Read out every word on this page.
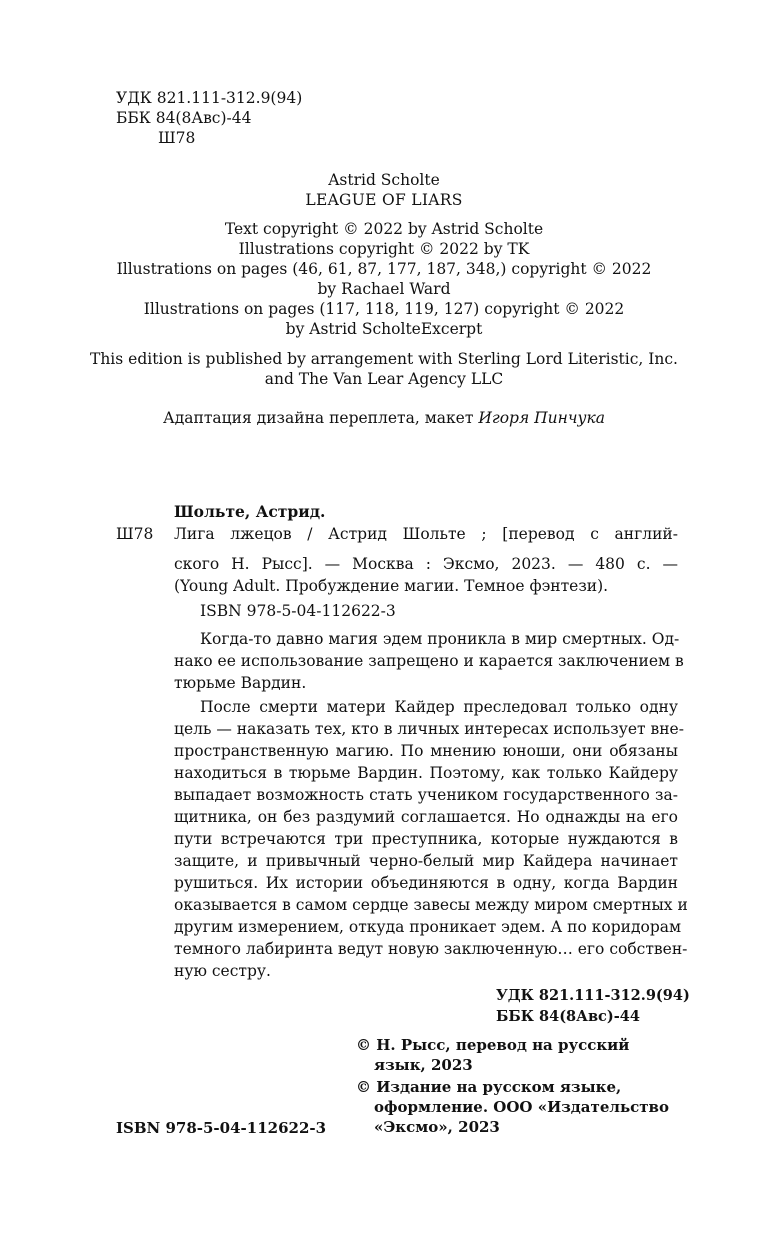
УДК 821.111-312.9(94)
ББК 84(8Авс)-44
Ш78
Astrid Scholte
LEAGUE OF LIARS
Text copyright © 2022 by Astrid Scholte
Illustrations copyright © 2022 by TK
Illustrations on pages (46, 61, 87, 177, 187, 348,) copyright © 2022
by Rachael Ward
Illustrations on pages (117, 118, 119, 127) copyright © 2022
by Astrid ScholteExcerpt
This edition is published by arrangement with Sterling Lord Literistic, Inc.
and The Van Lear Agency LLC
Адаптация дизайна переплета, макет Игоря Пинчука
Шольте, Астрид.
Ш78 Лига лжецов / Астрид Шольте ; [перевод с англий-
ского Н. Рысс]. — Москва : Эксмо, 2023. — 480 с. —
(Young Adult. Пробуждение магии. Темное фэнтези).
ISBN 978-5-04-112622-3
Когда-то давно магия эдем проникла в мир смертных. Од-
нако ее использование запрещено и карается заключением в
тюрьме Вардин.
После смерти матери Кайдер преследовал только одну
цель — наказать тех, кто в личных интересах использует вне-
пространственную магию. По мнению юноши, они обязаны
находиться в тюрьме Вардин. Поэтому, как только Кайдеру
выпадает возможность стать учеником государственного за-
щитника, он без раздумий соглашается. Но однажды на его
пути встречаются три преступника, которые нуждаются в
защите, и привычный черно-белый мир Кайдера начинает
рушиться. Их истории объединяются в одну, когда Вардин
оказывается в самом сердце завесы между миром смертных и
другим измерением, откуда проникает эдем. А по коридорам
темного лабиринта ведут новую заключенную… его собствен-
ную сестру.
УДК 821.111-312.9(94)
ББК 84(8Авс)-44
© Н. Рысс, перевод на русский
язык, 2023
© Издание на русском языке,
оформление. ООО «Издательство
«Эксмо», 2023
ISBN 978-5-04-112622-3
